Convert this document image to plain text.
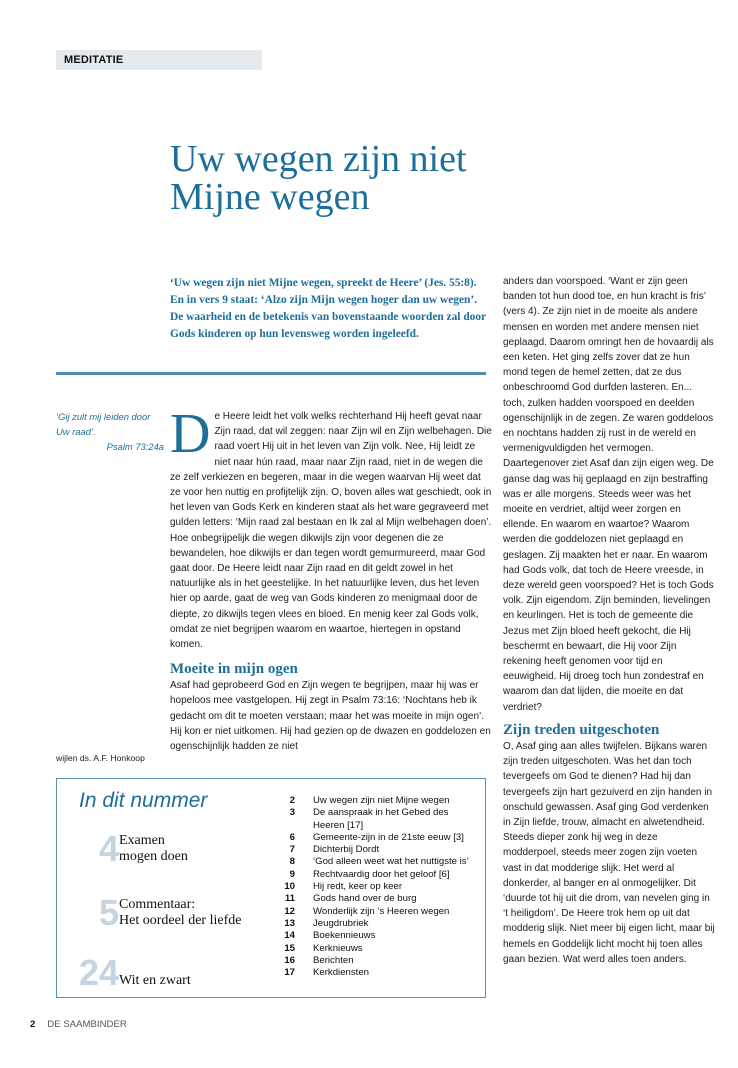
MEDITATIE
Uw wegen zijn niet
Mijne wegen

‘Uw wegen zijn niet Mijne wegen, spreekt de Heere’ (Jes. 55:8). En in vers 9 staat: ‘Alzo zijn Mijn wegen hoger dan uw wegen’. De waarheid en de betekenis van bovenstaande woorden zal door Gods kinderen op hun levensweg worden ingeleefd.

‘Gij zult mij leiden door Uw raad’.
Psalm 73:24a
wijlen ds. A.F. Honkoop

De Heere leidt het volk welks rechterhand Hij heeft gevat naar Zijn raad, dat wil zeggen: naar Zijn wil en Zijn welbehagen. Die raad voert Hij uit in het leven van Zijn volk. Nee, Hij leidt ze niet naar hún raad, maar naar Zijn raad, niet in de wegen die ze zelf verkiezen en begeren, maar in die wegen waarvan Hij weet dat ze voor hen nuttig en profijtelijk zijn. O, boven alles wat geschiedt, ook in het leven van Gods Kerk en kinderen staat als het ware gegraveerd met gulden letters: ‘Mijn raad zal bestaan en Ik zal al Mijn welbehagen doen’. Hoe onbegrijpelijk die wegen dikwijls zijn voor degenen die ze bewandelen, hoe dikwijls er dan tegen wordt gemurmureerd, maar God gaat door. De Heere leidt naar Zijn raad en dit geldt zowel in het natuurlijke als in het geestelijke. In het natuurlijke leven, dus het leven hier op aarde, gaat de weg van Gods kinderen zo menigmaal door de diepte, zo dikwijls tegen vlees en bloed. En menig keer zal Gods volk, omdat ze niet begrijpen waarom en waartoe, hiertegen in opstand komen.

Moeite in mijn ogen

Asaf had geprobeerd God en Zijn wegen te begrijpen, maar hij was er hopeloos mee vastgelopen. Hij zegt in Psalm 73:16: ‘Nochtans heb ik gedacht om dit te moeten verstaan; maar het was moeite in mijn ogen’. Hij kon er niet uitkomen. Hij had gezien op de dwazen en goddelozen en ogenschijnlijk hadden ze niet

anders dan voorspoed. ‘Want er zijn geen banden tot hun dood toe, en hun kracht is fris’ (vers 4). Ze zijn niet in de moeite als andere mensen en worden met andere mensen niet geplaagd. Daarom omringt hen de hovaardij als een keten. Het ging zelfs zover dat ze hun mond tegen de hemel zetten, dat ze dus onbeschroomd God durfden lasteren. En... toch, zulken hadden voorspoed en deelden ogenschijnlijk in de zegen. Ze waren goddeloos en nochtans hadden zij rust in de wereld en vermenigvuldigden het vermogen.

Daartegenover ziet Asaf dan zijn eigen weg. De ganse dag was hij geplaagd en zijn bestraffing was er alle morgens. Steeds weer was het moeite en verdriet, altijd weer zorgen en ellende. En waarom en waartoe? Waarom werden die goddelozen niet geplaagd en geslagen. Zij maakten het er naar. En waarom had Gods volk, dat toch de Heere vreesde, in deze wereld geen voorspoed? Het is toch Gods volk. Zijn eigendom. Zijn beminden, lievelingen en keurlingen. Het is toch de gemeente die Jezus met Zijn bloed heeft gekocht, die Hij beschermt en bewaart, die Hij voor Zijn rekening heeft genomen voor tijd en eeuwigheid. Hij droeg toch hun zondestraf en waarom dan dat lijden, die moeite en dat verdriet?

Zijn treden uitgeschoten

O, Asaf ging aan alles twijfelen. Bijkans waren zijn treden uitgeschoten. Was het dan toch tevergeefs om God te dienen? Had hij dan tevergeefs zijn hart gezuiverd en zijn handen in onschuld gewassen. Asaf ging God verdenken in Zijn liefde, trouw, almacht en alwetendheid. Steeds dieper zonk hij weg in deze modderpoel, steeds meer zogen zijn voeten vast in dat modderige slijk. Het werd al donkerder, al banger en al onmogelijker. Dit ‘duurde tot hij uit die drom, van nevelen ging in ‘t heiligdom’. De Heere trok hem op uit dat modderig slijk. Niet meer bij eigen licht, maar bij hemels en Goddelijk licht mocht hij toen alles gaan bezien. Wat werd alles toen anders.

In dit nummer
4 Examen
mogen doen
5 Commentaar:
Het oordeel der liefde
24 Wit en zwart
2 Uw wegen zijn niet Mijne wegen
3 De aanspraak in het Gebed des Heeren [17]
6 Gemeente-zijn in de 21ste eeuw [3]
7 Dichterbij Dordt
8 ‘God alleen weet wat het nuttigste is’
9 Rechtvaardig door het geloof [6]
10 Hij redt, keer op keer
11 Gods hand over de burg
12 Wonderlijk zijn ‘s Heeren wegen
13 Jeugdrubriek
14 Boekennieuws
15 Kerknieuws
16 Berichten
17 Kerkdiensten
2 DE SAAMBINDER
